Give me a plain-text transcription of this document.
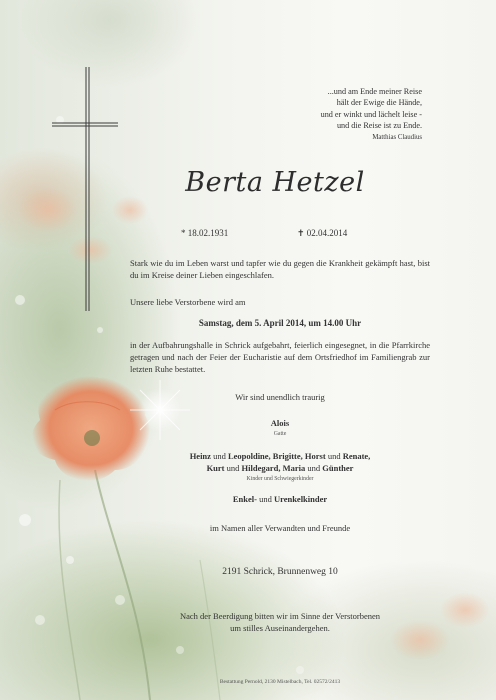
...und am Ende meiner Reise
hält der Ewige die Hände,
und er winkt und lächelt leise -
und die Reise ist zu Ende.
Matthias Claudius
Berta Hetzel
* 18.02.1931	✝ 02.04.2014
Stark wie du im Leben warst und tapfer wie du gegen die Krankheit gekämpft hast, bist du im Kreise deiner Lieben eingeschlafen.
Unsere liebe Verstorbene wird am
Samstag, dem 5. April 2014, um 14.00 Uhr
in der Aufbahrungshalle in Schrick aufgebahrt, feierlich eingesegnet, in die Pfarrkirche getragen und nach der Feier der Eucharistie auf dem Ortsfriedhof im Familiengrab zur letzten Ruhe bestattet.
Wir sind unendlich traurig
Alois
Gatte
Heinz und Leopoldine, Brigitte, Horst und Renate,
Kurt und Hildegard, Maria und Günther
Kinder und Schwiegerkinder
Enkel- und Urenkelkinder
im Namen aller Verwandten und Freunde
2191 Schrick, Brunnenweg 10
Nach der Beerdigung bitten wir im Sinne der Verstorbenen
um stilles Auseinandergehen.
Bestattung Pernold, 2130 Mistelbach, Tel. 02572/2413
